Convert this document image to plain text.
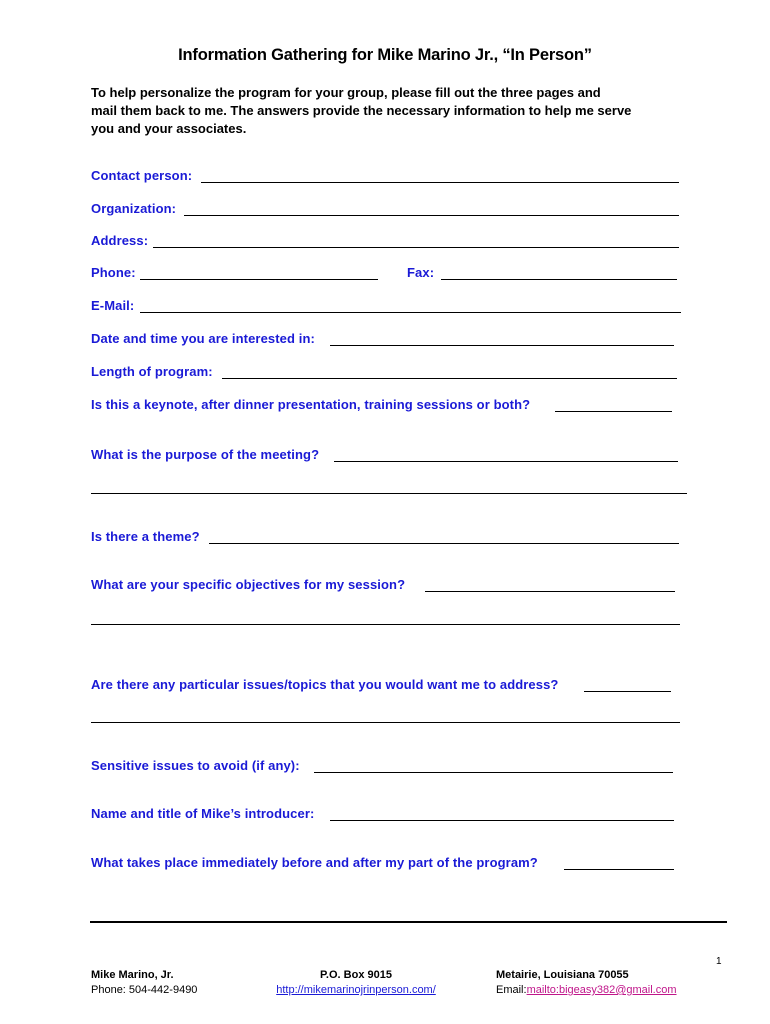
Information Gathering for Mike Marino Jr., “In Person”
To help personalize the program for your group, please fill out the three pages and
mail them back to me. The answers provide the necessary information to help me serve
you and your associates.
Contact person:
Organization:
Address:
Phone:	Fax:
E-Mail:
Date and time you are interested in:
Length of program:
Is this a keynote, after dinner presentation, training sessions or both?
What is the purpose of the meeting?
Is there a theme?
What are your specific objectives for my session?
Are there any particular issues/topics that you would want me to address?
Sensitive issues to avoid (if any):
Name and title of Mike’s introducer:
What takes place immediately before and after my part of the program?
1
Mike Marino, Jr.
Phone: 504-442-9490
P.O. Box 9015
http://mikemarinojrinperson.com/
Metairie, Louisiana 70055
Email:mailto:bigeasy382@gmail.com
